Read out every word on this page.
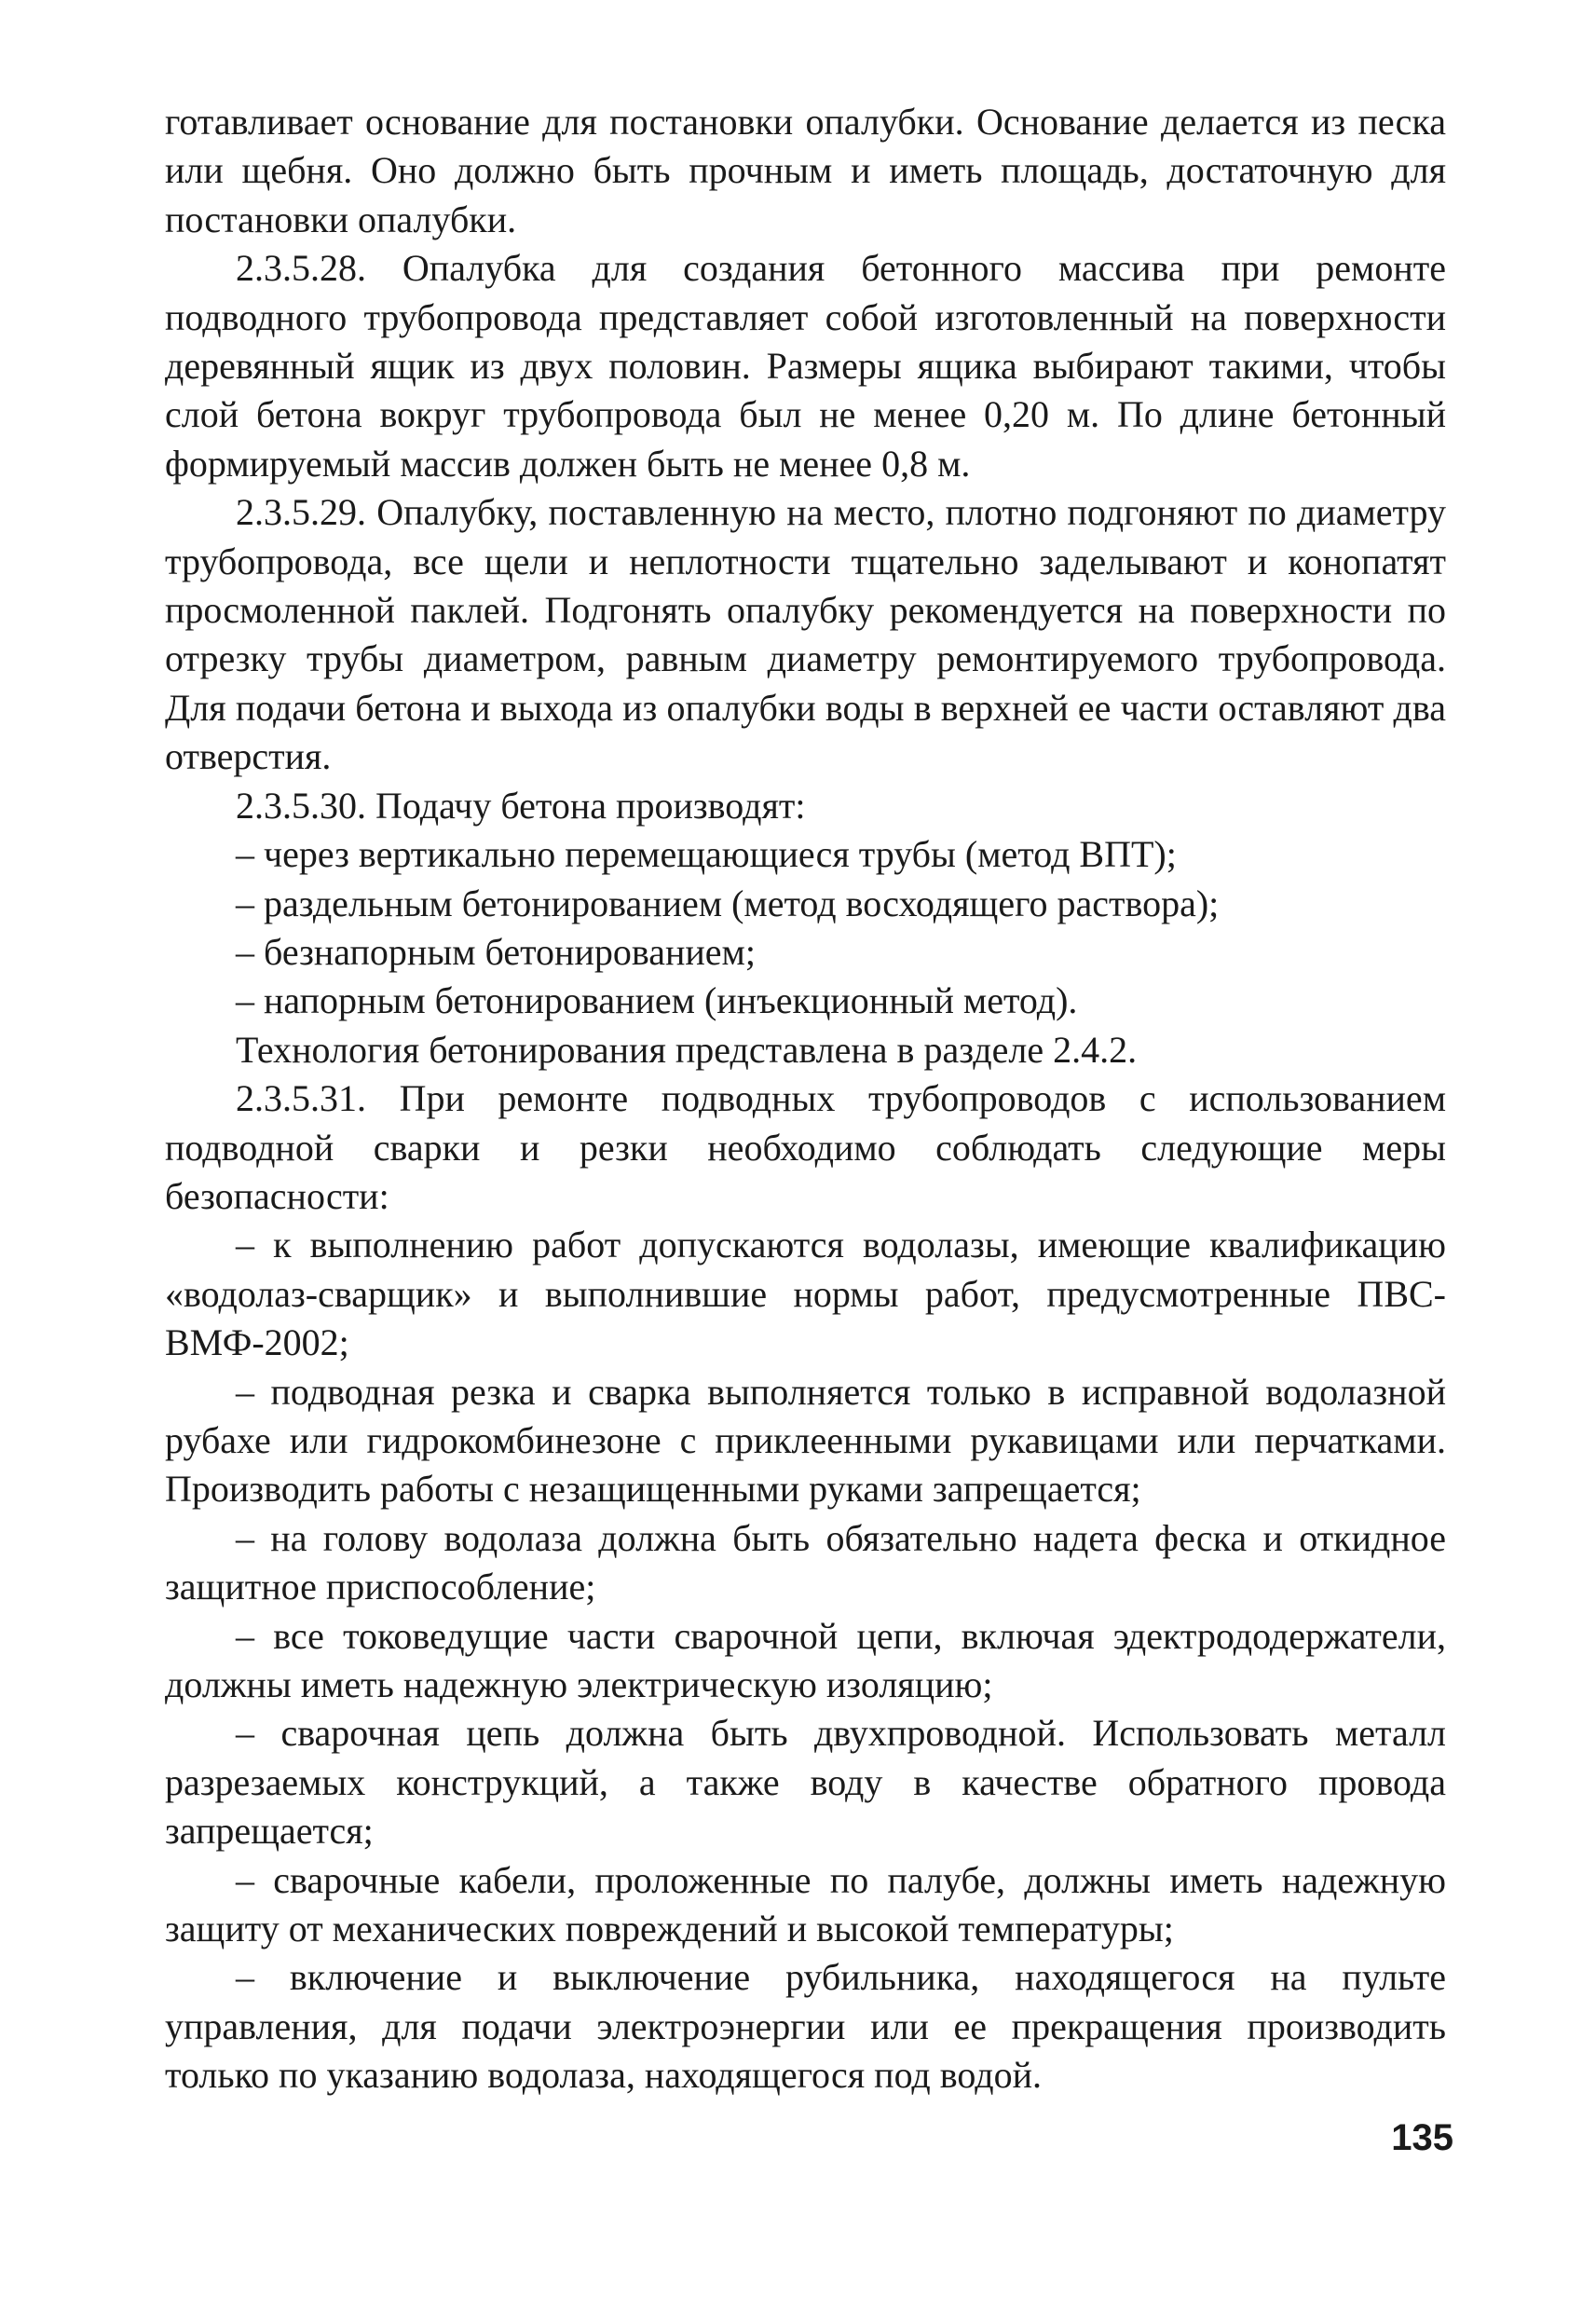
готавливает основание для постановки опалубки. Основание делается из песка или щебня. Оно должно быть прочным и иметь площадь, достаточную для постановки опалубки.

2.3.5.28. Опалубка для создания бетонного массива при ремонте подводного трубопровода представляет собой изготовленный на поверхности деревянный ящик из двух половин. Размеры ящика выбирают такими, чтобы слой бетона вокруг трубопровода был не менее 0,20 м. По длине бетонный формируемый массив должен быть не менее 0,8 м.

2.3.5.29. Опалубку, поставленную на место, плотно подгоняют по диаметру трубопровода, все щели и неплотности тщательно заделывают и конопатят просмоленной паклей. Подгонять опалубку рекомендуется на поверхности по отрезку трубы диаметром, равным диаметру ремонтируемого трубопровода. Для подачи бетона и выхода из опалубки воды в верхней ее части оставляют два отверстия.

2.3.5.30. Подачу бетона производят:

– через вертикально перемещающиеся трубы (метод ВПТ);

– раздельным бетонированием (метод восходящего раствора);

– безнапорным бетонированием;

– напорным бетонированием (инъекционный метод).

Технология бетонирования представлена в разделе 2.4.2.

2.3.5.31. При ремонте подводных трубопроводов с использованием подводной сварки и резки необходимо соблюдать следующие меры безопасности:

– к выполнению работ допускаются водолазы, имеющие квалификацию «водолаз-сварщик» и выполнившие нормы работ, предусмотренные ПВС-ВМФ-2002;

– подводная резка и сварка выполняется только в исправной водолазной рубахе или гидрокомбинезоне с приклеенными рукавицами или перчатками. Производить работы с незащищенными руками запрещается;

– на голову водолаза должна быть обязательно надета феска и откидное защитное приспособление;

– все токоведущие части сварочной цепи, включая эдектрододержатели, должны иметь надежную электрическую изоляцию;

– сварочная цепь должна быть двухпроводной. Использовать металл разрезаемых конструкций, а также воду в качестве обратного провода запрещается;

– сварочные кабели, проложенные по палубе, должны иметь надежную защиту от механических повреждений и высокой температуры;

– включение и выключение рубильника, находящегося на пульте управления, для подачи электроэнергии или ее прекращения производить только по указанию водолаза, находящегося под водой.

135
